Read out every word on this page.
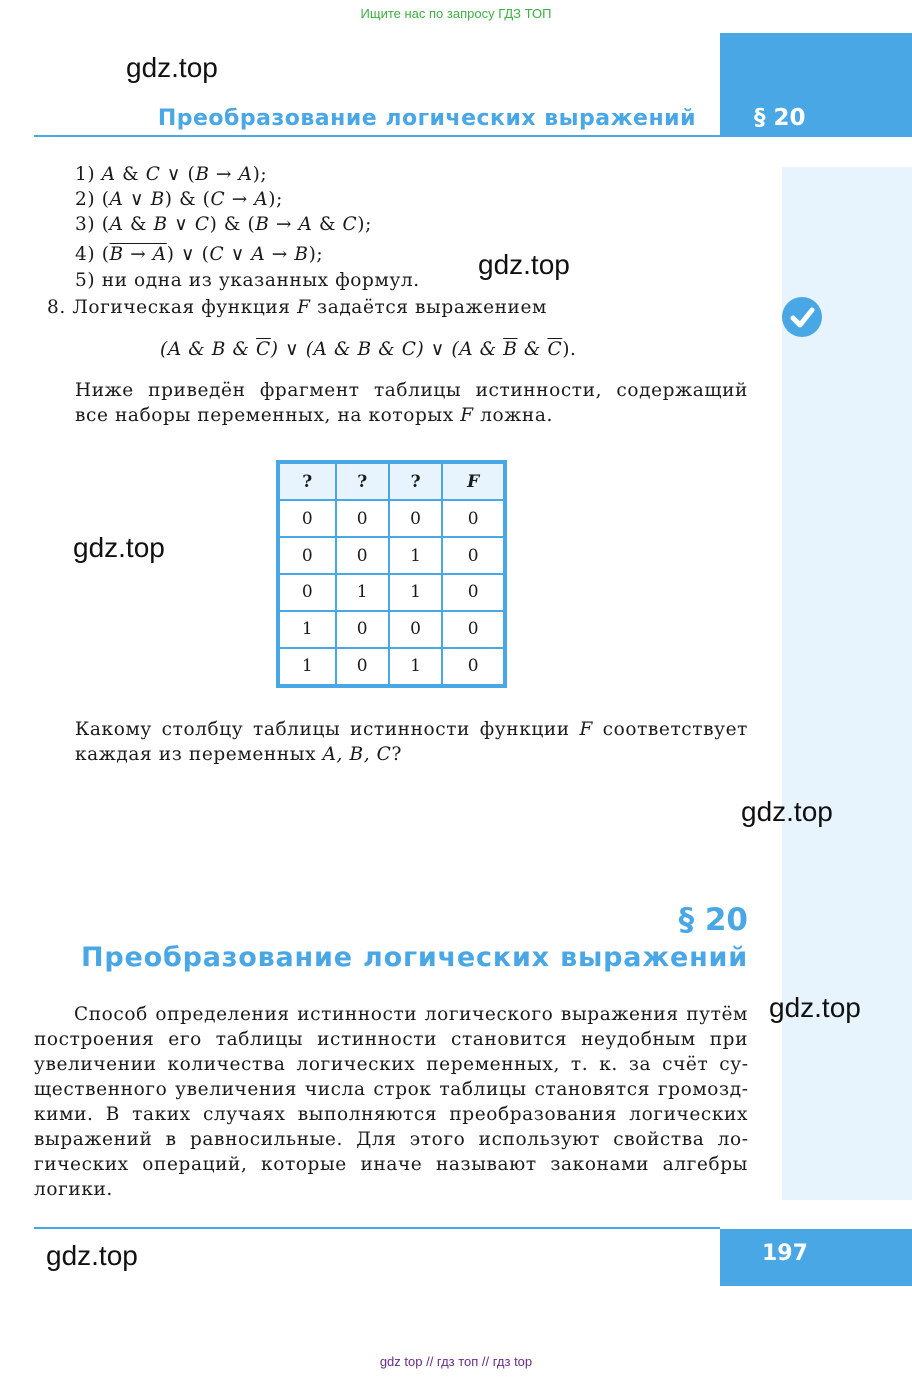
Ищите нас по запросу ГДЗ ТОП
§ 20
Преобразование логических выражений
gdz.top
1) A & C ∨ (B → A);
2) (A ∨ B) & (C → A);
3) (A & B ∨ C) & (B → A & C);
4) (B → A) ∨ (C ∨ A → B);
5) ни одна из указанных формул.
gdz.top
8. Логическая функция F задаётся выражением
(A & B & $\overline{C}$) ∨ (A & B & C) ∨ (A & $\overline{B}$ & $\overline{C}$).
Ниже приведён фрагмент таблицы истинности, содержащий все наборы переменных, на которых F ложна.
gdz.top
?	?	?	F
0	0	0	0
0	0	1	0
0	1	1	0
1	0	0	0
1	0	1	0
Какому столбцу таблицы истинности функции F соответствует каждая из переменных A, B, C?
gdz.top
§ 20
Преобразование логических выражений
gdz.top
Способ определения истинности логического выражения путём построения его таблицы истинности становится неудобным при увеличении количества логических переменных, т. к. за счёт существенного увеличения числа строк таблицы становятся громоздкими. В таких случаях выполняются преобразования логических выражений в равносильные. Для этого используют свойства логических операций, которые иначе называют законами алгебры логики.
197
gdz.top
gdz top // гдз топ // гдз top
